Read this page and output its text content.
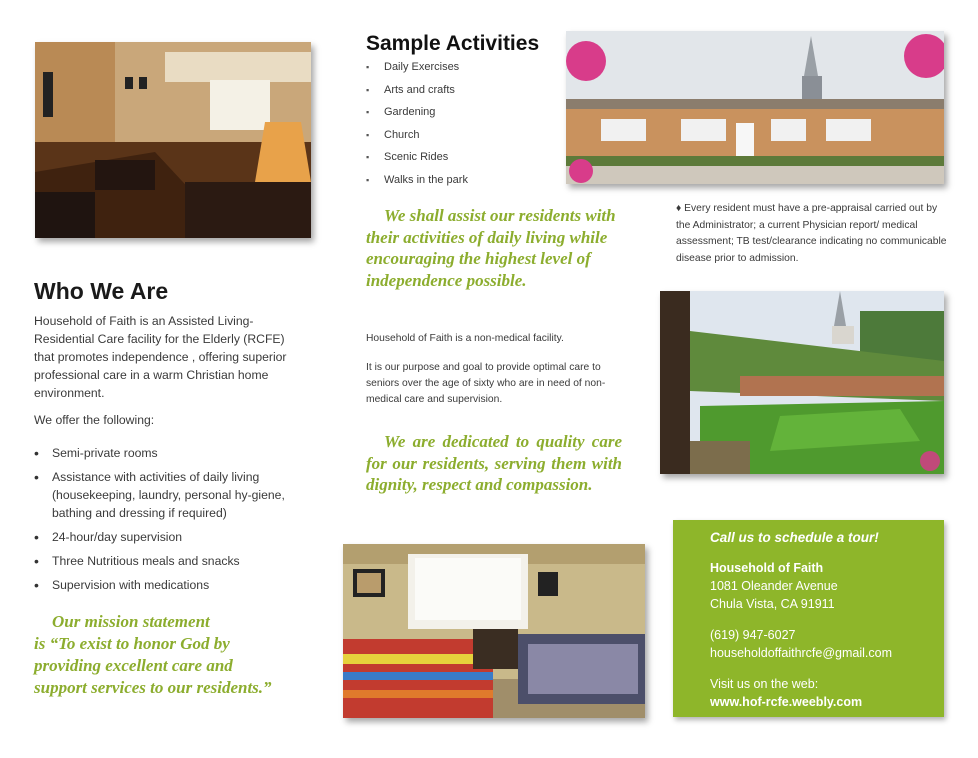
Who We Are

Household of Faith is an Assisted Living-Residential Care facility for the Elderly (RCFE) that promotes independence , offering superior professional care in a warm Christian home environment.

We offer the following:

• Semi-private rooms
• Assistance with activities of daily living (housekeeping, laundry, personal hy-giene, bathing and dressing if required)
• 24-hour/day supervision
• Three Nutritious meals and snacks
• Supervision with medications

Our mission statement
is “To exist to honor God by providing excellent care and support services to our residents.”

Sample Activities
▪ Daily Exercises
▪ Arts and crafts
▪ Gardening
▪ Church
▪ Scenic Rides
▪ Walks in the park

We shall assist our residents with their activities of daily living while encouraging the highest level of independence possible.

Household of Faith is a non-medical facility.

It is our purpose and goal to provide optimal care to seniors over the age of sixty who are in need of non-medical care and supervision.

We are dedicated to quality care for our residents, serving them with dignity, respect and compassion.

♦ Every resident must have a pre-appraisal carried out by the Administrator; a current Physician report/ medical assessment; TB test/clearance indicating no communicable disease prior to admission.

Call us to schedule a tour!

Household of Faith

1081 Oleander Avenue

Chula Vista, CA 91911

(619) 947-6027

householdoffaithrcfe@gmail.com

Visit us on the web:

www.hof-rcfe.weebly.com
